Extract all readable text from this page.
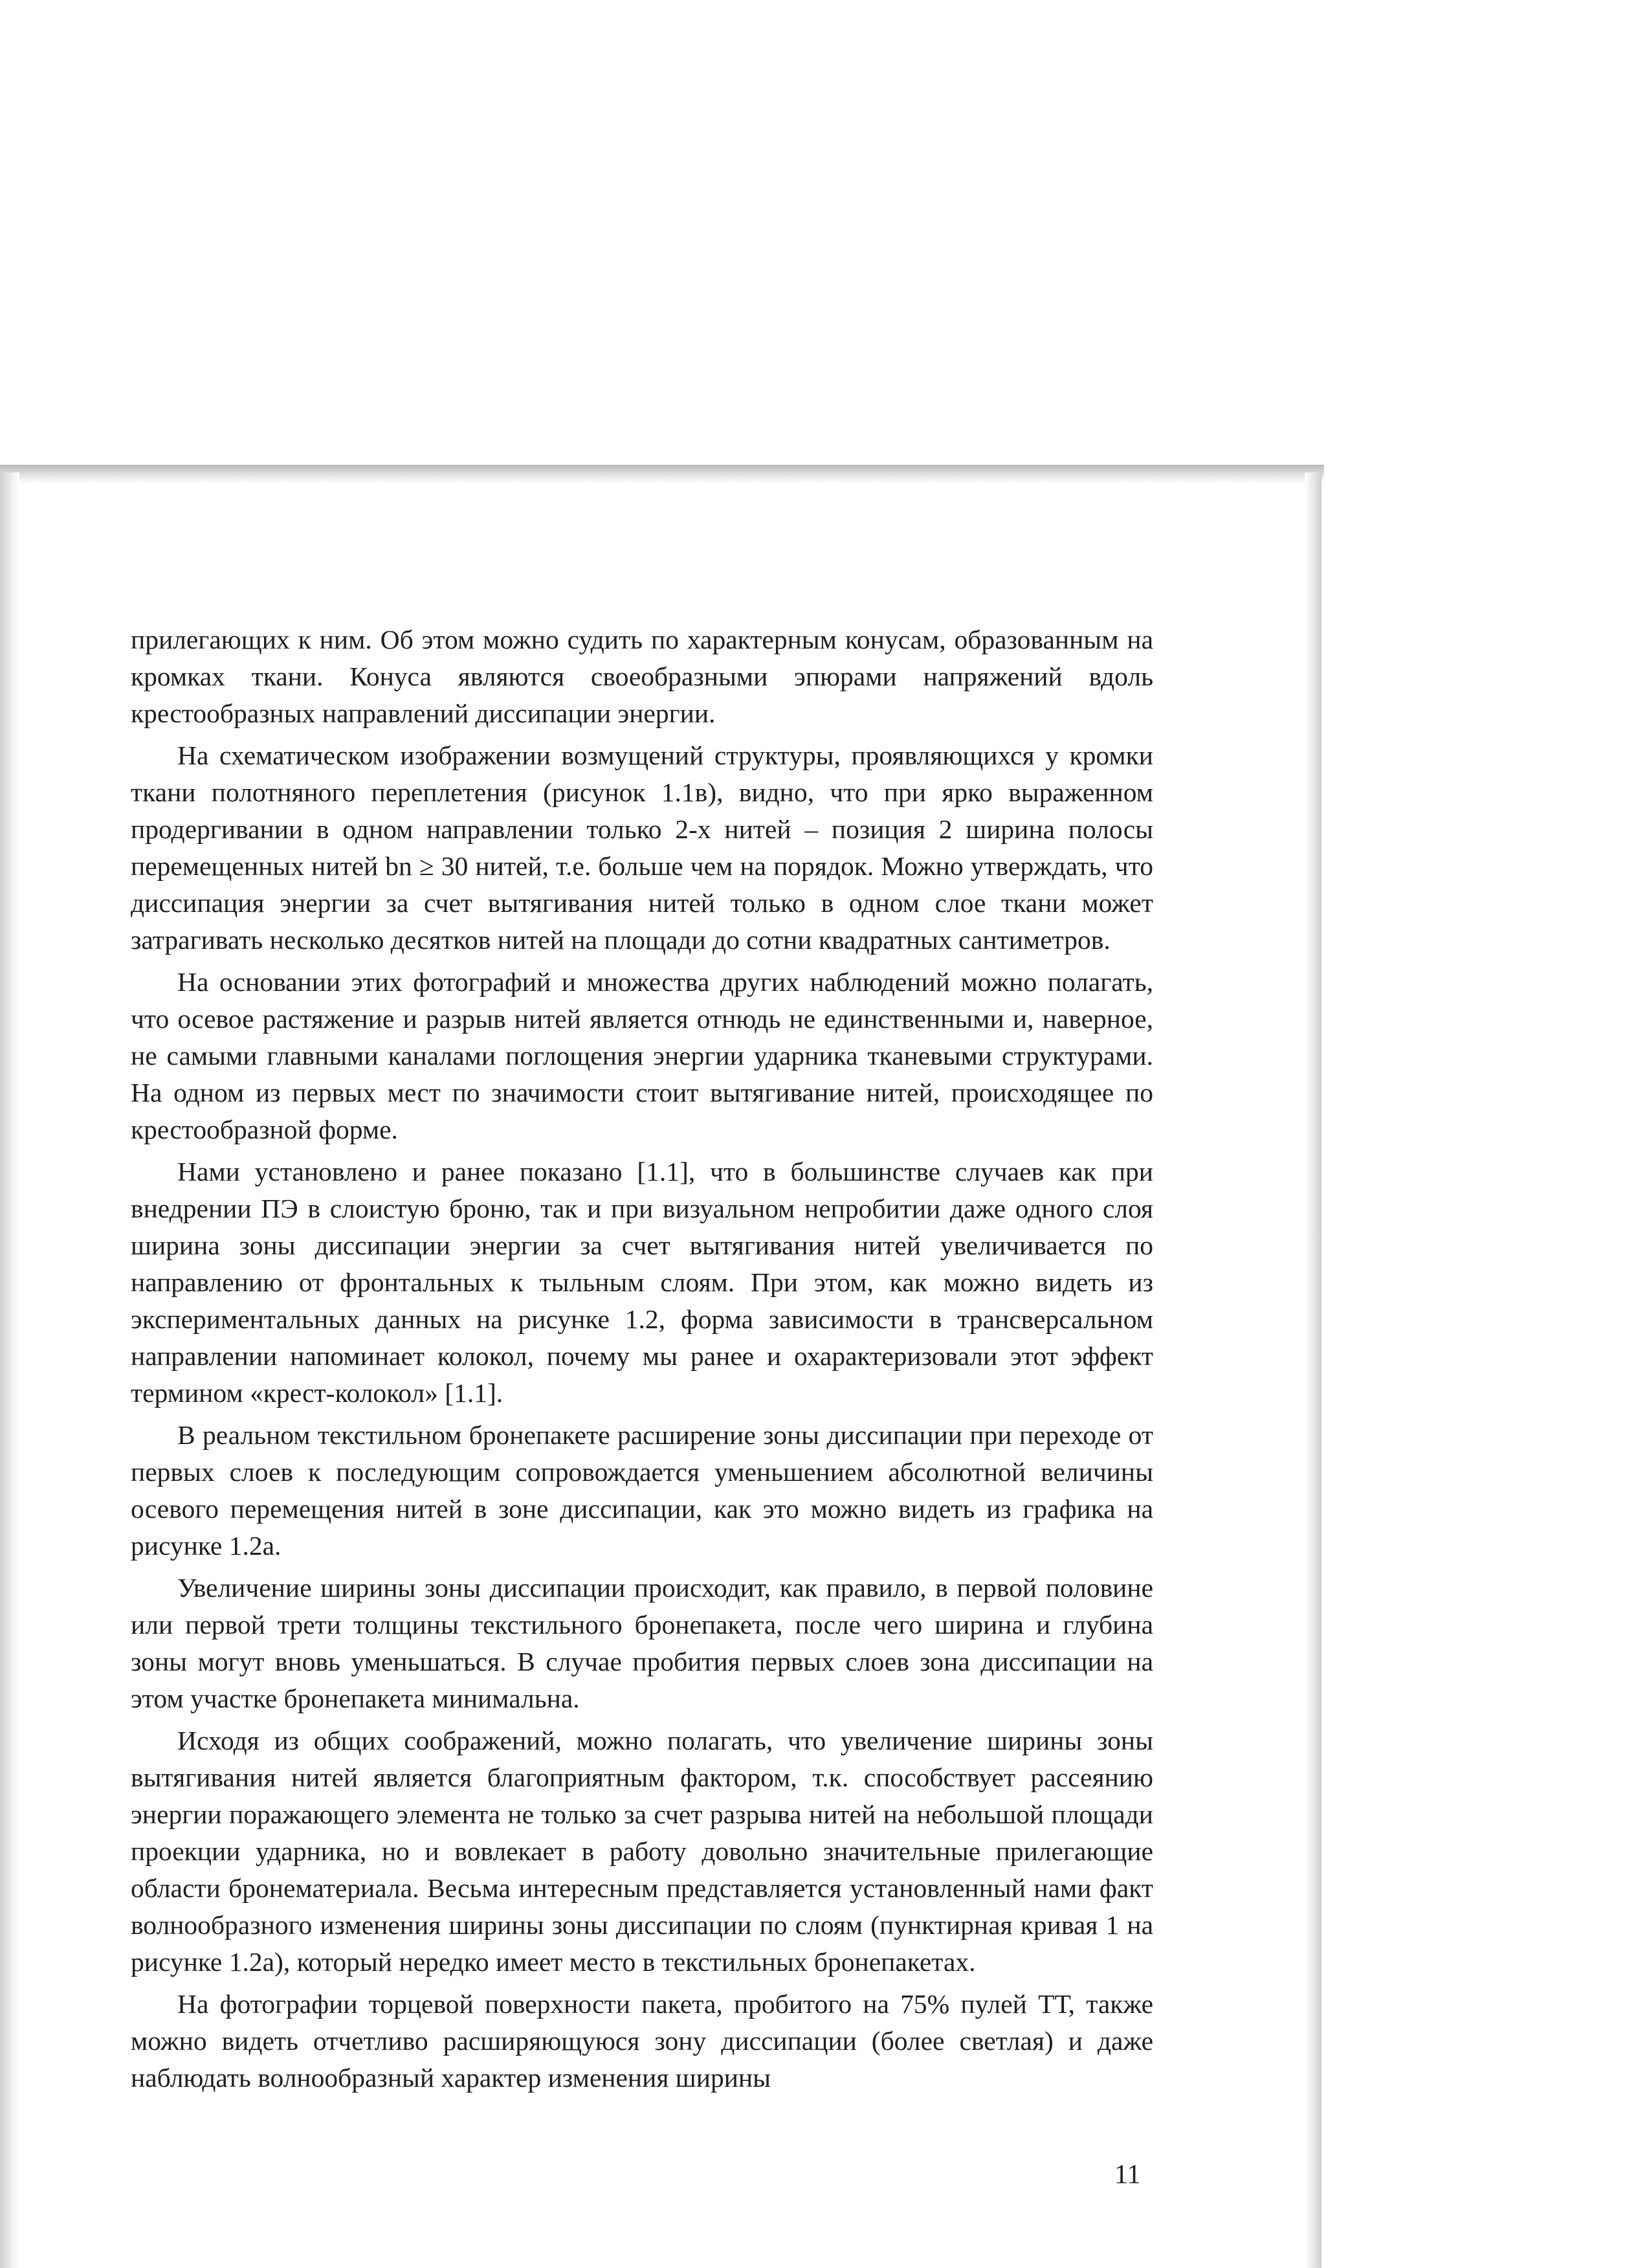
прилегающих к ним. Об этом можно судить по характерным конусам, образованным на кромках ткани. Конуса являются своеобразными эпюрами напряжений вдоль крестообразных направлений диссипации энергии.

На схематическом изображении возмущений структуры, проявляющихся у кромки ткани полотняного переплетения (рисунок 1.1в), видно, что при ярко выраженном продергивании в одном направлении только 2-х нитей – позиция 2 ширина полосы перемещенных нитей bn ≥ 30 нитей, т.е. больше чем на порядок. Можно утверждать, что диссипация энергии за счет вытягивания нитей только в одном слое ткани может затрагивать несколько десятков нитей на площади до сотни квадратных сантиметров.

На основании этих фотографий и множества других наблюдений можно полагать, что осевое растяжение и разрыв нитей является отнюдь не единственными и, наверное, не самыми главными каналами поглощения энергии ударника тканевыми структурами. На одном из первых мест по значимости стоит вытягивание нитей, происходящее по крестообразной форме.

Нами установлено и ранее показано [1.1], что в большинстве случаев как при внедрении ПЭ в слоистую броню, так и при визуальном непробитии даже одного слоя ширина зоны диссипации энергии за счет вытягивания нитей увеличивается по направлению от фронтальных к тыльным слоям. При этом, как можно видеть из экспериментальных данных на рисунке 1.2, форма зависимости в трансверсальном направлении напоминает колокол, почему мы ранее и охарактеризовали этот эффект термином «крест-колокол» [1.1].

В реальном текстильном бронепакете расширение зоны диссипации при переходе от первых слоев к последующим сопровождается уменьшением абсолютной величины осевого перемещения нитей в зоне диссипации, как это можно видеть из графика на рисунке 1.2а.

Увеличение ширины зоны диссипации происходит, как правило, в первой половине или первой трети толщины текстильного бронепакета, после чего ширина и глубина зоны могут вновь уменьшаться. В случае пробития первых слоев зона диссипации на этом участке бронепакета минимальна.

Исходя из общих соображений, можно полагать, что увеличение ширины зоны вытягивания нитей является благоприятным фактором, т.к. способствует рассеянию энергии поражающего элемента не только за счет разрыва нитей на небольшой площади проекции ударника, но и вовлекает в работу довольно значительные прилегающие области бронематериала. Весьма интересным представляется установленный нами факт волнообразного изменения ширины зоны диссипации по слоям (пунктирная кривая 1 на рисунке 1.2а), который нередко имеет место в текстильных бронепакетах.

На фотографии торцевой поверхности пакета, пробитого на 75% пулей ТТ, также можно видеть отчетливо расширяющуюся зону диссипации (более светлая) и даже наблюдать волнообразный характер изменения ширины

11
